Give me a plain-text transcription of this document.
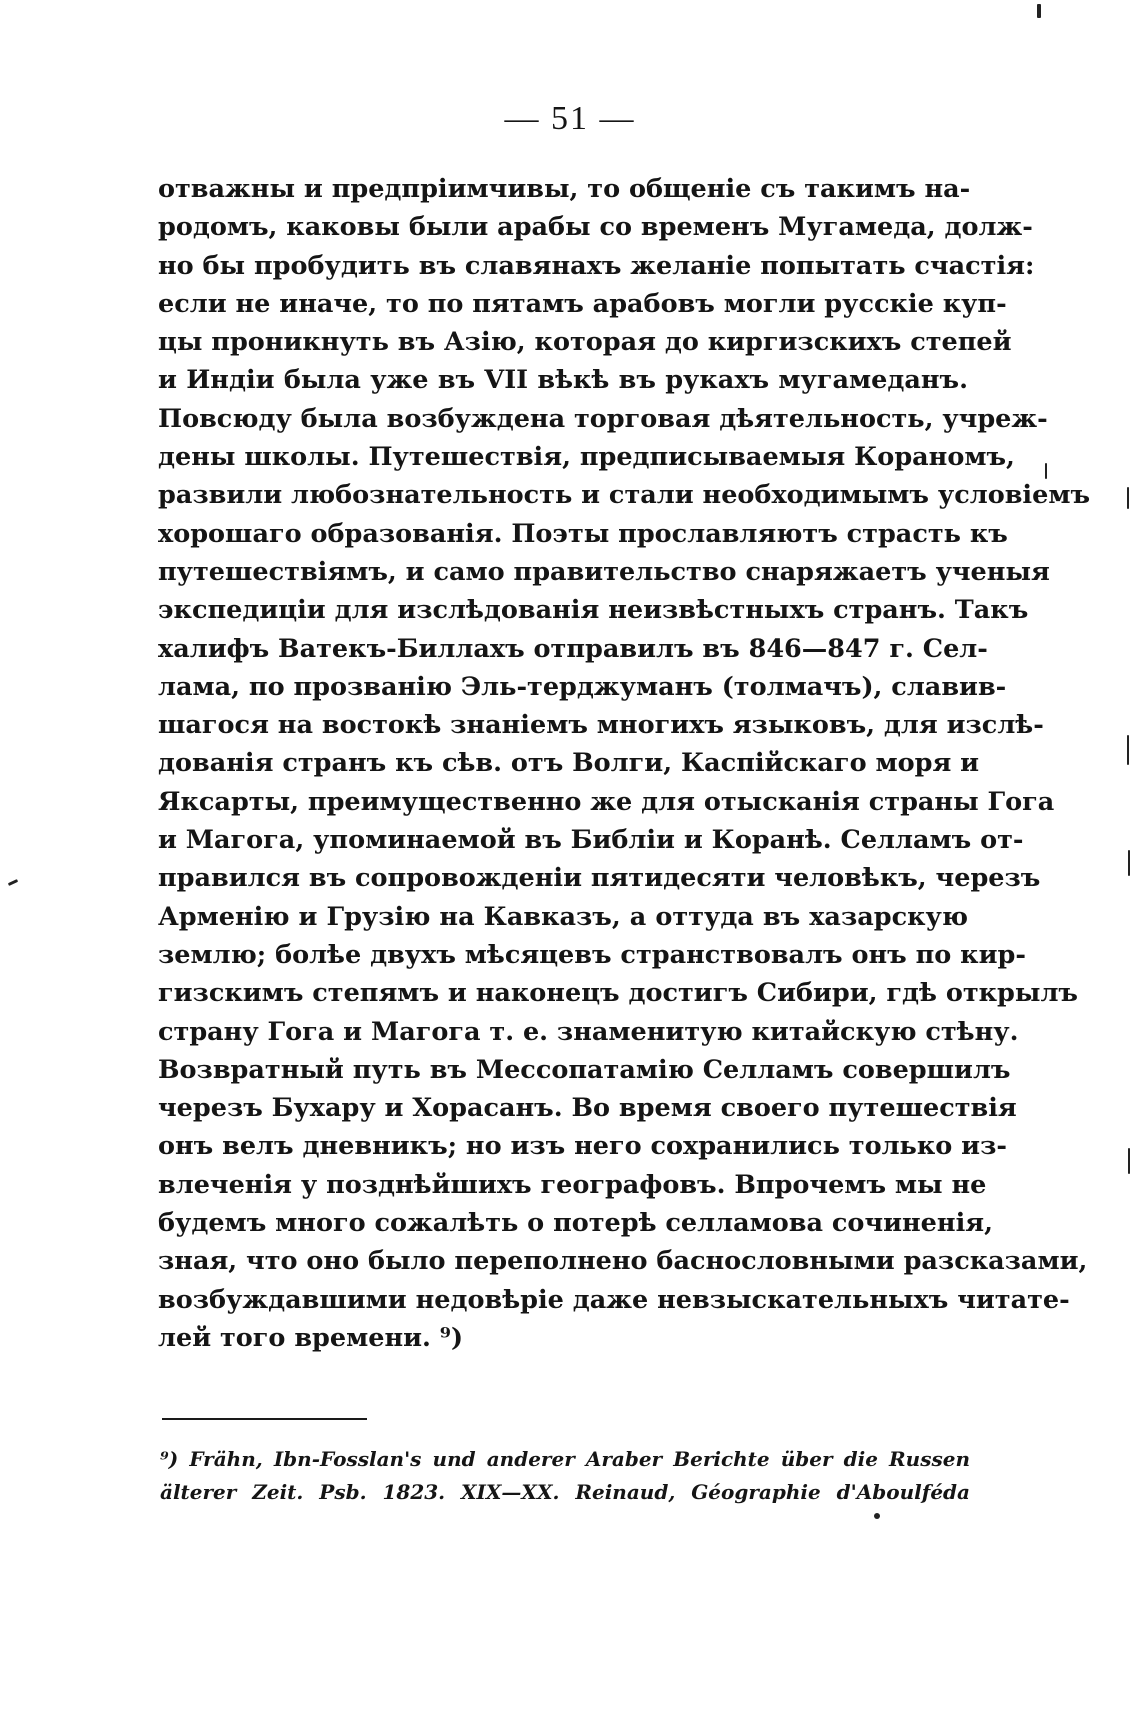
— 51 —
отважны и предпріимчивы, то общеніе съ такимъ на-
родомъ, каковы были арабы со временъ Мугамеда, долж-
но бы пробудить въ славянахъ желаніе попытать счастія:
если не иначе, то по пятамъ арабовъ могли русскіе куп-
цы проникнуть въ Азію, которая до киргизскихъ степей
и Индіи была уже въ VII вѣкѣ въ рукахъ мугамеданъ.
Повсюду была возбуждена торговая дѣятельность, учреж-
дены школы. Путешествія, предписываемыя Кораномъ,
развили любознательность и стали необходимымъ условіемъ
хорошаго образованія. Поэты прославляютъ страсть къ
путешествіямъ, и само правительство снаряжаетъ ученыя
экспедиціи для изслѣдованія неизвѣстныхъ странъ. Такъ
халифъ Ватекъ-Биллахъ отправилъ въ 846—847 г. Сел-
лама, по прозванію Эль-терджуманъ (толмачъ), славив-
шагося на востокѣ знаніемъ многихъ языковъ, для изслѣ-
дованія странъ къ сѣв. отъ Волги, Каспійскаго моря и
Яксарты, преимущественно же для отысканія страны Гога
и Магога, упоминаемой въ Библіи и Коранѣ. Селламъ от-
правился въ сопровожденіи пятидесяти человѣкъ, черезъ
Арменію и Грузію на Кавказъ, а оттуда въ хазарскую
землю; болѣе двухъ мѣсяцевъ странствовалъ онъ по кир-
гизскимъ степямъ и наконецъ достигъ Сибири, гдѣ открылъ
страну Гога и Магога т. е. знаменитую китайскую стѣну.
Возвратный путь въ Мессопатамію Селламъ совершилъ
черезъ Бухару и Хорасанъ. Во время своего путешествія
онъ велъ дневникъ; но изъ него сохранились только из-
влеченія у позднѣйшихъ географовъ. Впрочемъ мы не
будемъ много сожалѣть о потерѣ селламова сочиненія,
зная, что оно было переполнено баснословными разсказами,
возбуждавшими недовѣріе даже невзыскательныхъ читате-
лей того времени. ⁹)
⁹) Frähn, Ibn-Fosslan's und anderer Araber Berichte über die Russen
älterer Zeit. Psb. 1823. XIX—XX. Reinaud, Géographie d'Aboulféda
